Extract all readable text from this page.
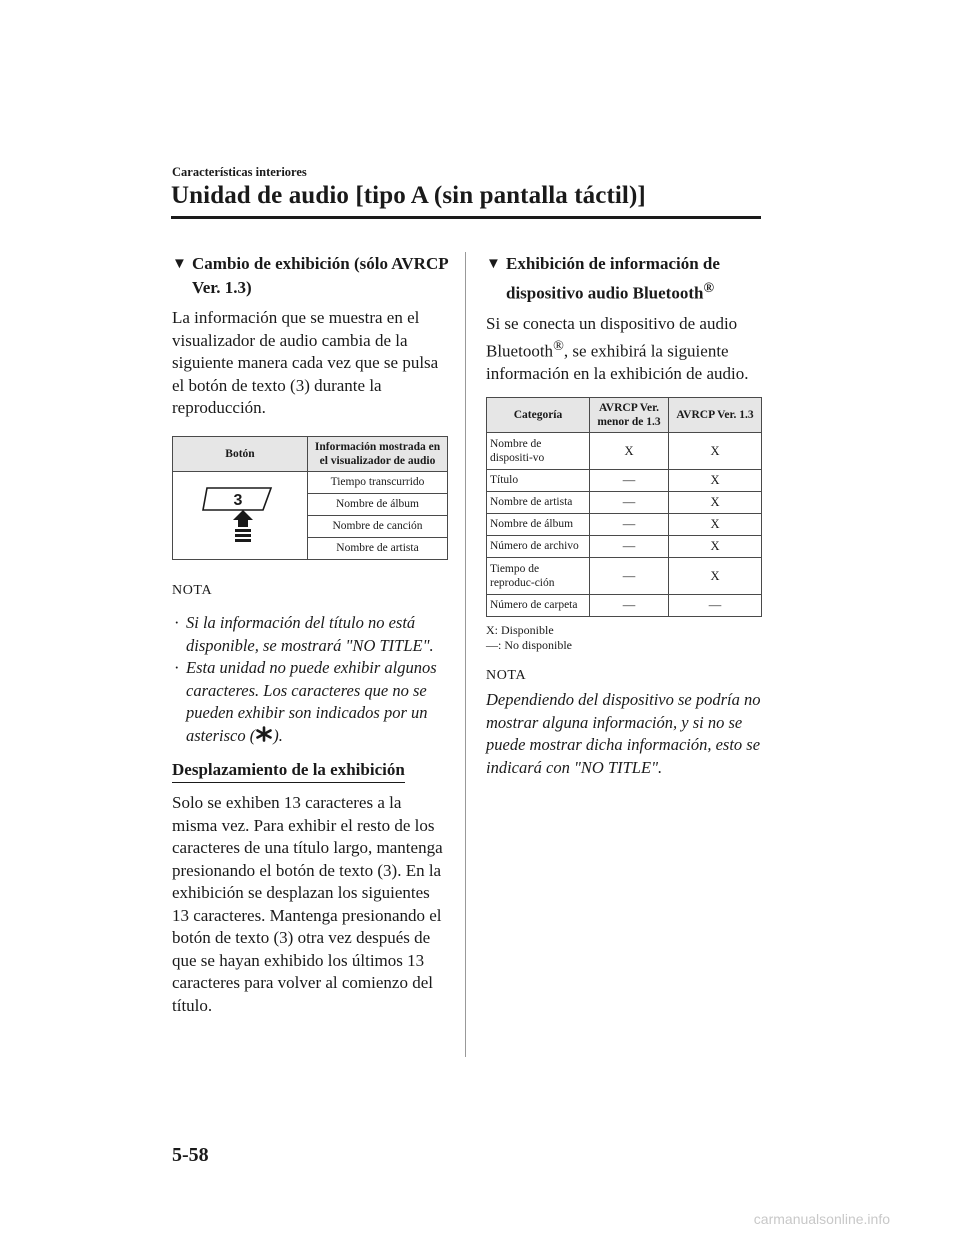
Características interiores
Unidad de audio [tipo A (sin pantalla táctil)]
▼ Cambio de exhibición (sólo AVRCP Ver. 1.3)

La información que se muestra en el visualizador de audio cambia de la siguiente manera cada vez que se pulsa el botón de texto (3) durante la reproducción.

Botón	Información mostrada en el visualizador de audio

3	Tiempo transcurrido
	Nombre de álbum
	Nombre de canción
	Nombre de artista
NOTA
· Si la información del título no está disponible, se mostrará "NO TITLE".
· Esta unidad no puede exhibir algunos caracteres. Los caracteres que no se pueden exhibir son indicados por un asterisco ( ).
Desplazamiento de la exhibición

Solo se exhiben 13 caracteres a la misma vez. Para exhibir el resto de los caracteres de una título largo, mantenga presionando el botón de texto (3). En la exhibición se desplazan los siguientes 13 caracteres. Mantenga presionando el botón de texto (3) otra vez después de que se hayan exhibido los últimos 13 caracteres para volver al comienzo del título.

▼ Exhibición de información de dispositivo audio Bluetooth®

Si se conecta un dispositivo de audio Bluetooth®, se exhibirá la siguiente información en la exhibición de audio.

Categoría	AVRCP Ver. menor de 1.3	AVRCP Ver. 1.3
Nombre de dispositi-vo	X	X
Título	—	X
Nombre de artista	—	X
Nombre de álbum	—	X
Número de archivo	—	X
Tiempo de reproduc-ción	—	X
Número de carpeta	—	—
X: Disponible
—: No disponible
NOTA
Dependiendo del dispositivo se podría no mostrar alguna información, y si no se puede mostrar dicha información, esto se indicará con "NO TITLE".
5-58
carmanualsonline.info
